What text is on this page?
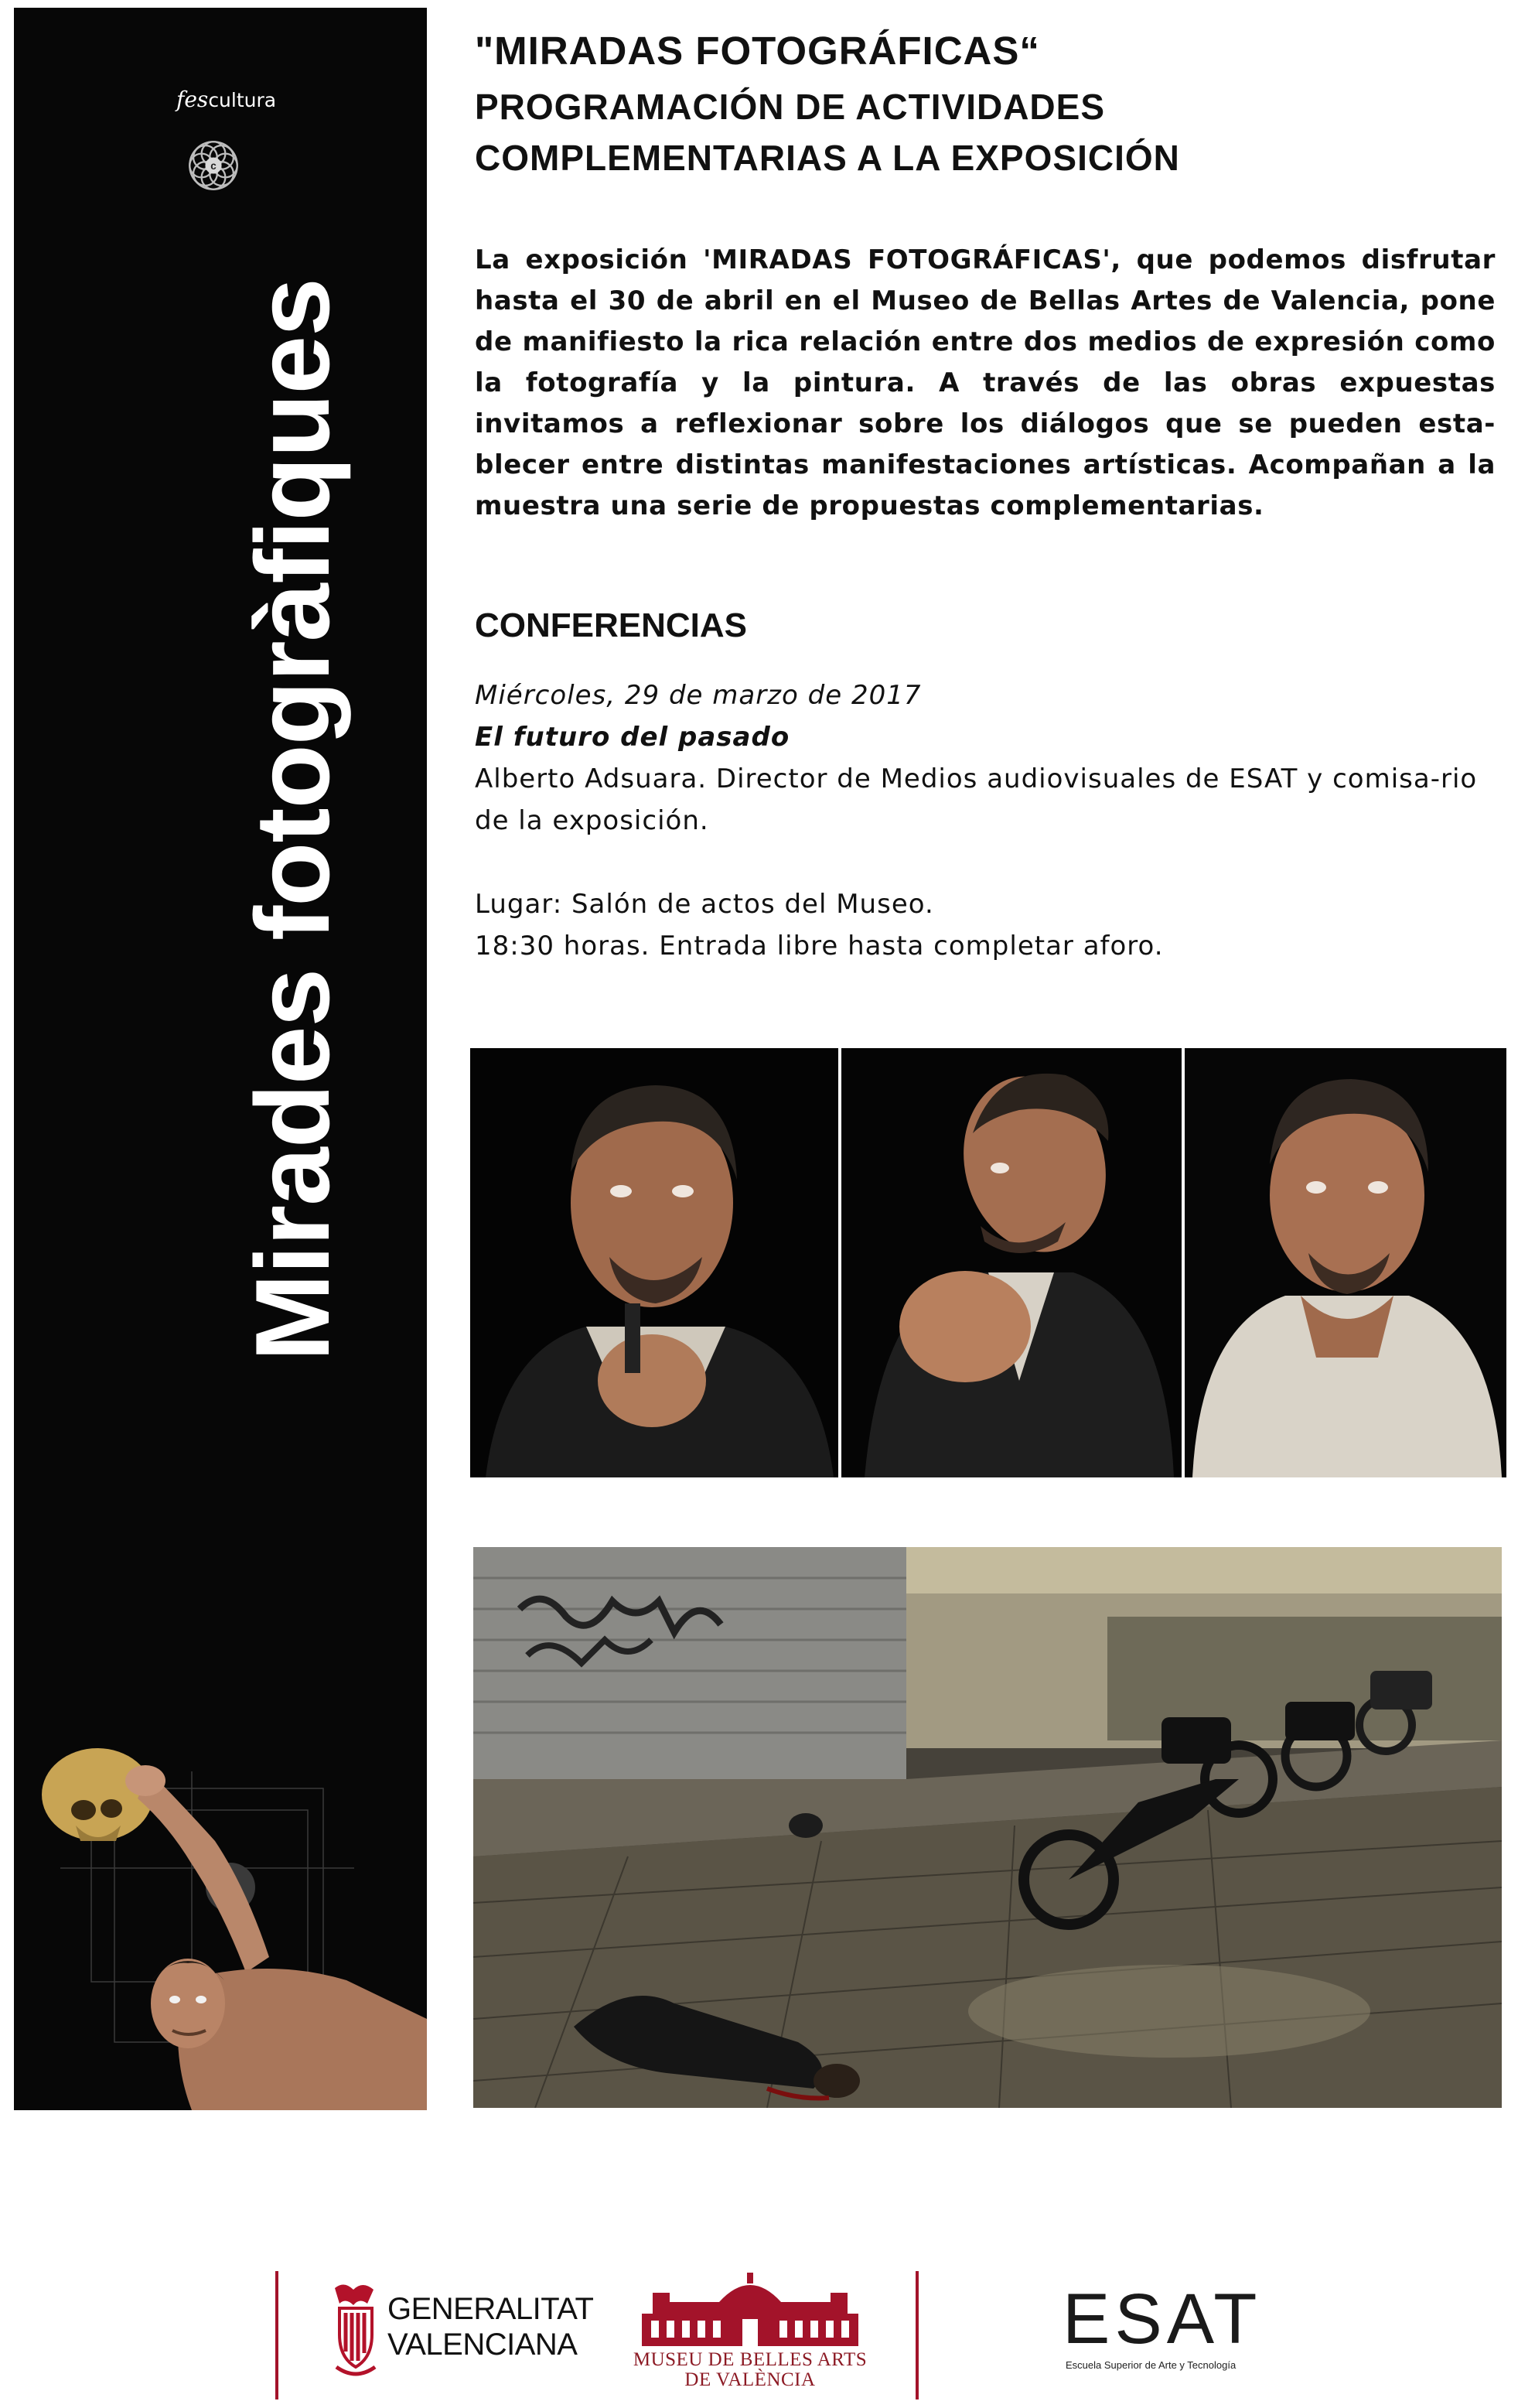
fescultura
c
Mirades fotogràfiques
"MIRADAS FOTOGRÁFICAS“
PROGRAMACIÓN DE ACTIVIDADES
COMPLEMENTARIAS A LA EXPOSICIÓN
La exposición 'MIRADAS FOTOGRÁFICAS', que podemos disfrutar hasta el 30 de abril en el Museo de Bellas Artes de Valencia, pone de manifiesto la rica relación entre dos medios de expresión como la fotografía y la pintura. A través de las obras expuestas invitamos a reflexionar sobre los diálogos que se pueden esta-blecer entre distintas manifestaciones artísticas. Acompañan a la muestra una serie de propuestas complementarias.
CONFERENCIAS
Miércoles, 29 de marzo de 2017
El futuro del pasado
Alberto Adsuara. Director de Medios audiovisuales de ESAT y comisa-rio de la exposición.
Lugar: Salón de actos del Museo.
18:30 horas. Entrada libre hasta completar aforo.
GENERALITAT
VALENCIANA	MUSEU DE BELLES ARTS
DE VALÈNCIA
ESAT
Escuela Superior de Arte y Tecnología
